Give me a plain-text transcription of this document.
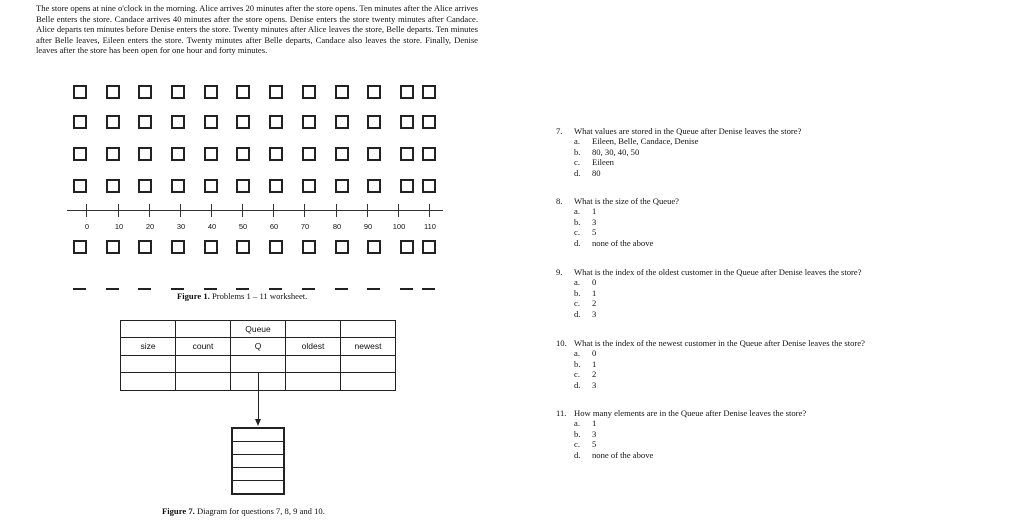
The store opens at nine o'clock in the morning. Alice arrives 20 minutes after the store opens. Ten minutes after the Alice arrives Belle enters the store. Candace arrives 40 minutes after the store opens. Denise enters the store twenty minutes after Candace. Alice departs ten minutes before Denise enters the store. Twenty minutes after Alice leaves the store, Belle departs. Ten minutes after Belle leaves, Eileen enters the store. Twenty minutes after Belle departs, Candace also leaves the store. Finally, Denise leaves after the store has been open for one hour and forty minutes.
0	10	20	30	40	50	60	70	80	90	100	110
Figure 1. Problems 1 – 11 worksheet.
		Queue		
size	count	Q	oldest	newest

Figure 7. Diagram for questions 7, 8, 9 and 10.
7. What values are stored in the Queue after Denise leaves the store?
a. Eileen, Belle, Candace, Denise
b. 80, 30, 40, 50
c. Eileen
d. 80
8. What is the size of the Queue?
a. 1
b. 3
c. 5
d. none of the above
9. What is the index of the oldest customer in the Queue after Denise leaves the store?
a. 0
b. 1
c. 2
d. 3
10. What is the index of the newest customer in the Queue after Denise leaves the store?
a. 0
b. 1
c. 2
d. 3
11. How many elements are in the Queue after Denise leaves the store?
a. 1
b. 3
c. 5
d. none of the above
